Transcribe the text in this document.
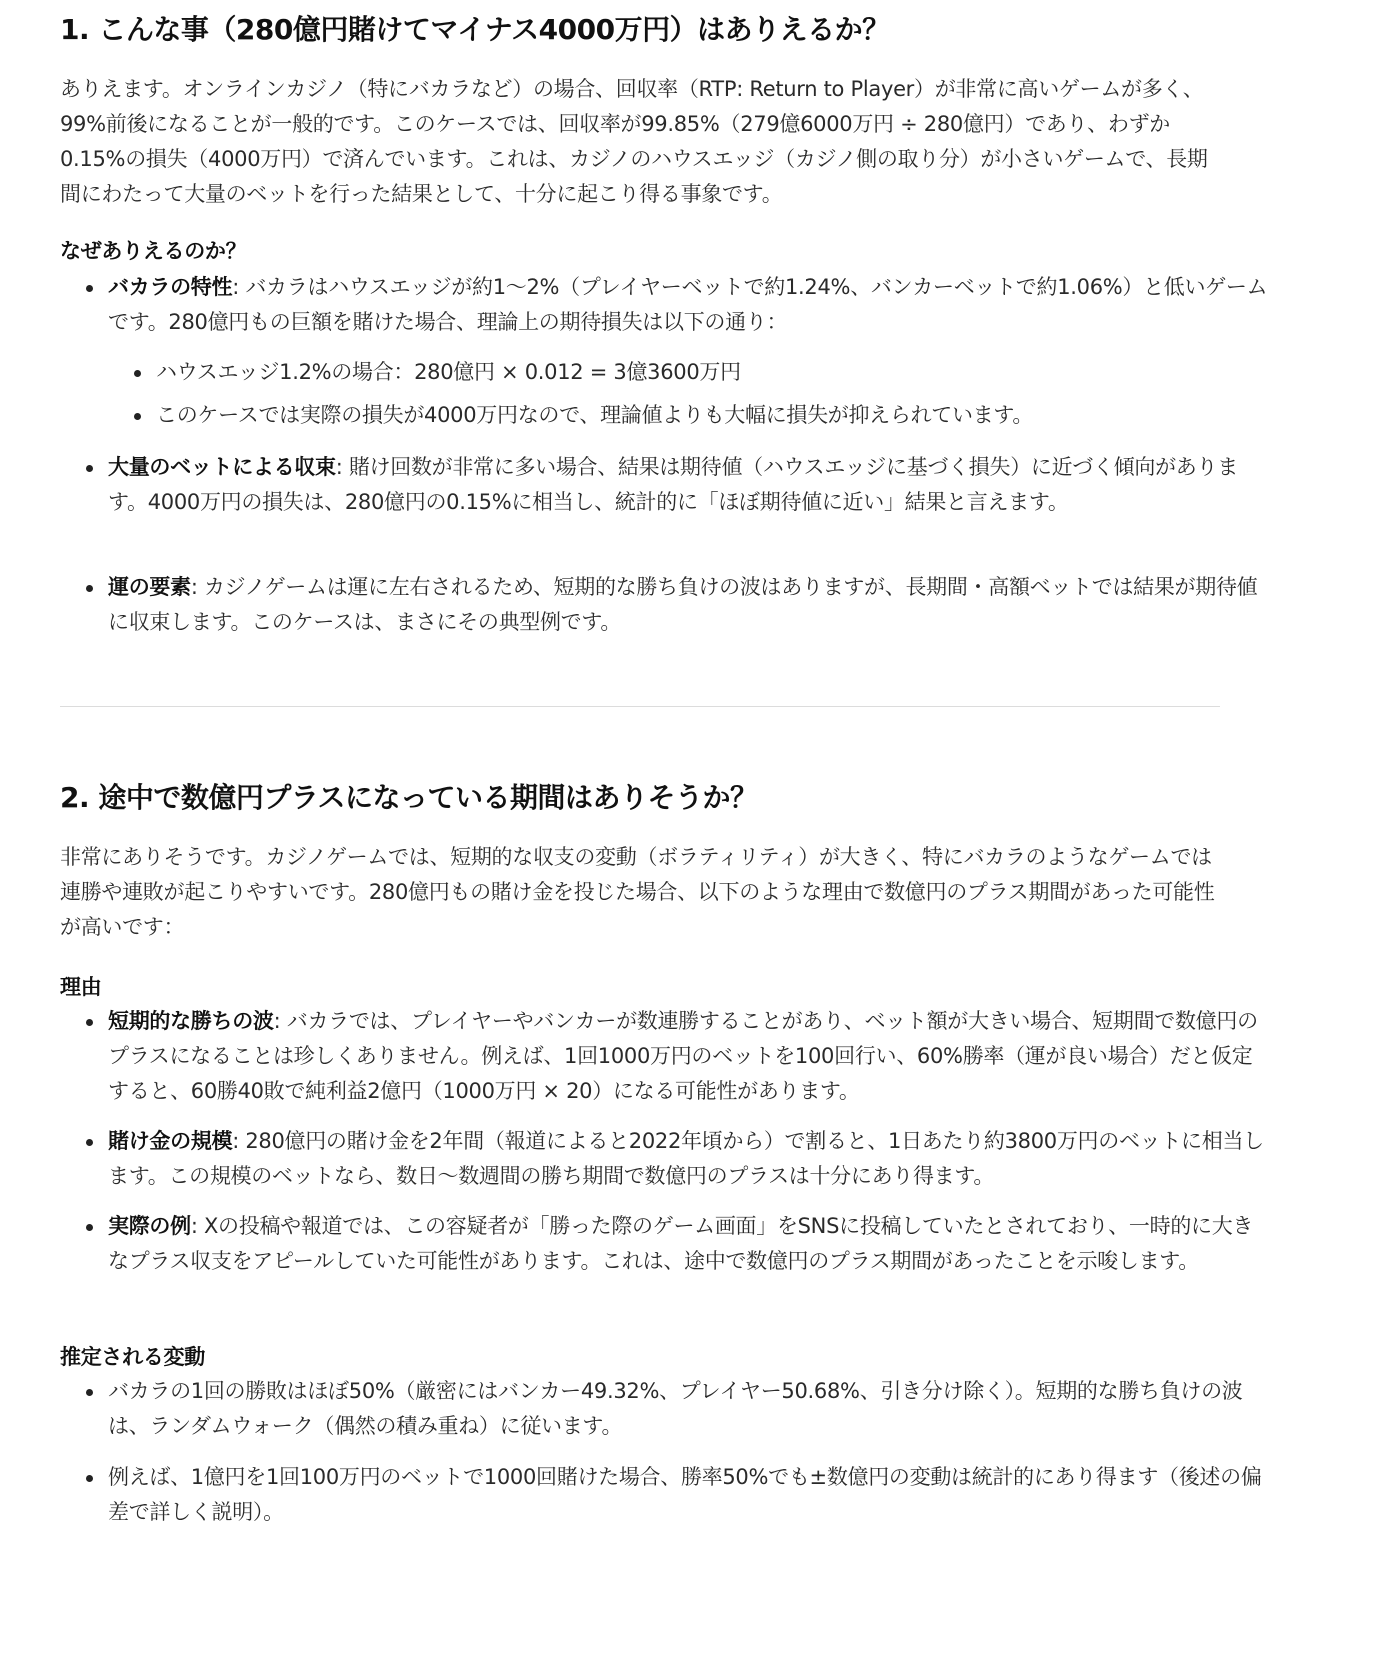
1. こんな事（280億円賭けてマイナス4000万円）はありえるか？

ありえます。オンラインカジノ（特にバカラなど）の場合、回収率（RTP: Return to Player）が非常に高いゲームが多く、99%前後になることが一般的です。このケースでは、回収率が99.85%（279億6000万円 ÷ 280億円）であり、わずか0.15%の損失（4000万円）で済んでいます。これは、カジノのハウスエッジ（カジノ側の取り分）が小さいゲームで、長期間にわたって大量のベットを行った結果として、十分に起こり得る事象です。

なぜありえるのか？
バカラの特性: バカラはハウスエッジが約1〜2%（プレイヤーベットで約1.24%、バンカーベットで約1.06%）と低いゲームです。280億円もの巨額を賭けた場合、理論上の期待損失は以下の通り：
ハウスエッジ1.2%の場合：280億円 × 0.012 = 3億3600万円
このケースでは実際の損失が4000万円なので、理論値よりも大幅に損失が抑えられています。
大量のベットによる収束: 賭け回数が非常に多い場合、結果は期待値（ハウスエッジに基づく損失）に近づく傾向があります。4000万円の損失は、280億円の0.15%に相当し、統計的に「ほぼ期待値に近い」結果と言えます。
運の要素: カジノゲームは運に左右されるため、短期的な勝ち負けの波はありますが、長期間・高額ベットでは結果が期待値に収束します。このケースは、まさにその典型例です。
2. 途中で数億円プラスになっている期間はありそうか？

非常にありそうです。カジノゲームでは、短期的な収支の変動（ボラティリティ）が大きく、特にバカラのようなゲームでは連勝や連敗が起こりやすいです。280億円もの賭け金を投じた場合、以下のような理由で数億円のプラス期間があった可能性が高いです：

理由
短期的な勝ちの波: バカラでは、プレイヤーやバンカーが数連勝することがあり、ベット額が大きい場合、短期間で数億円のプラスになることは珍しくありません。例えば、1回1000万円のベットを100回行い、60%勝率（運が良い場合）だと仮定すると、60勝40敗で純利益2億円（1000万円 × 20）になる可能性があります。
賭け金の規模: 280億円の賭け金を2年間（報道によると2022年頃から）で割ると、1日あたり約3800万円のベットに相当します。この規模のベットなら、数日〜数週間の勝ち期間で数億円のプラスは十分にあり得ます。
実際の例: Xの投稿や報道では、この容疑者が「勝った際のゲーム画面」をSNSに投稿していたとされており、一時的に大きなプラス収支をアピールしていた可能性があります。これは、途中で数億円のプラス期間があったことを示唆します。
推定される変動
バカラの1回の勝敗はほぼ50%（厳密にはバンカー49.32%、プレイヤー50.68%、引き分け除く）。短期的な勝ち負けの波は、ランダムウォーク（偶然の積み重ね）に従います。
例えば、1億円を1回100万円のベットで1000回賭けた場合、勝率50%でも±数億円の変動は統計的にあり得ます（後述の偏差で詳しく説明）。
